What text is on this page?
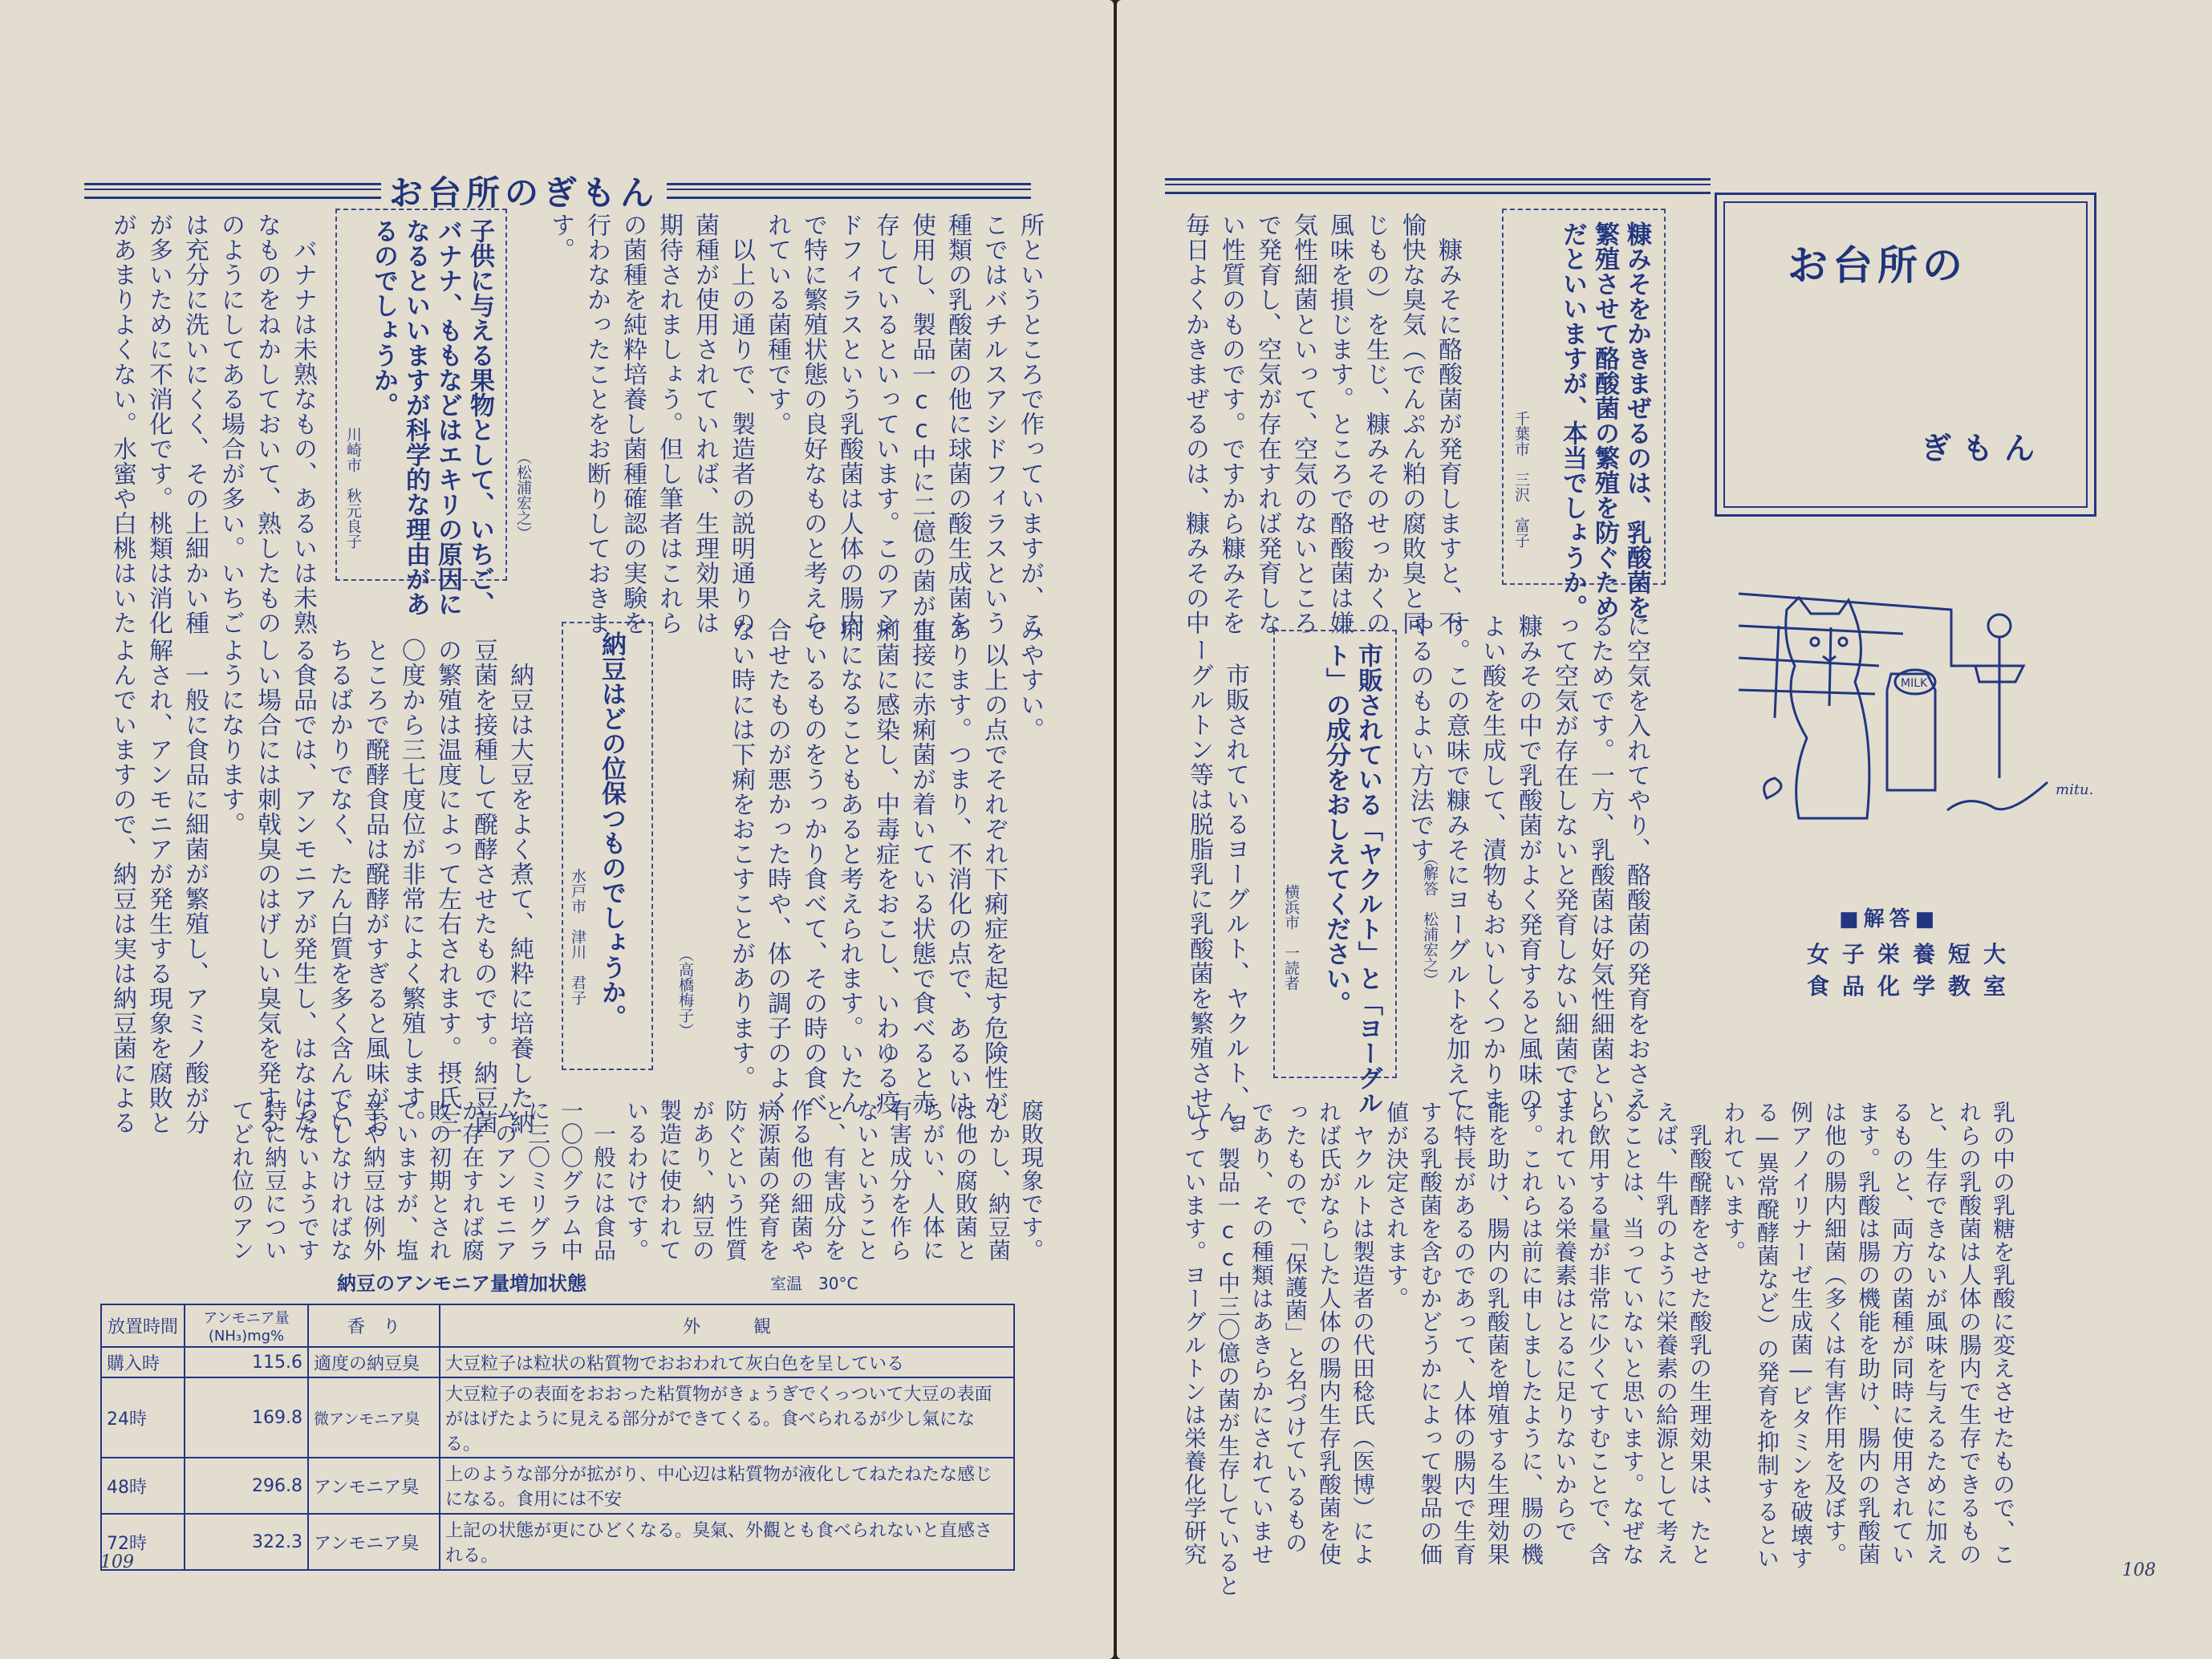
お台所のぎもん
所というところで作っていますが、こ
こではバチルスアシドフィラスという
種類の乳酸菌の他に球菌の酸生成菌を
使用し、製品一cc中に二億の菌が生
存しているといっています。このアシ
ドフィラスという乳酸菌は人体の腸内
で特に繁殖状態の良好なものと考えら
れている菌種です。
　以上の通りで、製造者の説明通りの
菌種が使用されていれば、生理効果は
期待されましょう。但し筆者はこれら
の菌種を純粋培養し菌種確認の実験を
行わなかったことをお断りしておきま
す。
（松浦宏之）
子供に与える果物として、いちご、
バナナ、ももなどはエキリの原因に
なるといいますが科学的な理由があ
るのでしょうか。
川崎市　秋元良子
　バナナは未熟なもの、あるいは未熟
なものをねかしておいて、熟したもの
のようにしてある場合が多い。いちご
は充分に洗いにくく、その上細かい種
が多いために不消化です。桃類は消化
があまりよくない。水蜜や白桃はいた
みやすい。
　以上の点でそれぞれ下痢症を起す危険性が
あります。つまり、不消化の点で、あるいは
直接に赤痢菌が着いている状態で食べると赤
痢菌に感染し、中毒症をおこし、いわゆる疫
痢になることもあると考えられます。いたん
でいるものをうっかり食べて、その時の食べ
合せたものが悪かった時や、体の調子のよく
ない時には下痢をおこすことがあります。
（高橋梅子）
納豆はどの位保つものでしょうか。
水戸市　津川　君子
　納豆は大豆をよく煮て、純粋に培養した納
豆菌を接種して醗酵させたものです。納豆菌
の繁殖は温度によって左右されます。摂氏三
〇度から三七度位が非常によく繁殖します。
ところで醗酵食品は醗酵がすぎると風味がお
ちるばかりでなく、たん白質を多く含んでい
る食品では、アンモニアが発生し、はなはだ
しい場合には刺戟臭のはげしい臭気を発する
ようになります。
　一般に食品に細菌が繁殖し、アミノ酸が分
解され、アンモニアが発生する現象を腐敗と
よんでいますので、納豆は実は納豆菌による
腐敗現象です。
しかし、納豆菌
は他の腐敗菌と
ちがい、人体に
有害成分を作ら
ないということ
と、有害成分を
作る他の細菌や
病源菌の発育を
防ぐという性質
があり、納豆の
製造に使われて
いるわけです。
　一般には食品
一〇〇グラム中
に三〇ミリグラ
ムのアンモニア
が存在すれば腐
敗の初期とされ
ていますが、塩
辛や納豆は例外
としなければな
らないようです
特に納豆につい
てどれ位のアン
納豆のアンモニア量増加状態	室温　30°C
放置時間	アンモニア量(NH₃)mg%	香　り	外　　　観
購入時	115.6	適度の納豆臭	大豆粒子は粒状の粘質物でおおわれて灰白色を呈している
24時	169.8	微アンモニア臭	大豆粒子の表面をおおった粘質物がきょうぎでくっついて大豆の表面がはげたように見える部分ができてくる。食べられるが少し氣になる。
48時	296.8	アンモニア臭	上のような部分が拡がり、中心辺は粘質物が液化してねたねたな感じになる。食用には不安
72時	322.3	アンモニア臭	上記の状態が更にひどくなる。臭氣、外觀とも食べられないと直感される。
109
お台所の
ぎもん
MILK
mitu.
■解答■
女子栄養短大
食品化学教室
糠みそをかきまぜるのは、乳酸菌を
繁殖させて酪酸菌の繁殖を防ぐため
だといいますが、本当でしょうか。
千葉市　三沢　富子
　糠みそに酪酸菌が発育しますと、不
愉快な臭気（でんぷん粕の腐敗臭と同
じもの）を生じ、糠みそのせっかくの
風味を損じます。ところで酪酸菌は嫌
気性細菌といって、空気のないところ
で発育し、空気が存在すれば発育しな
い性質のものです。ですから糠みそを
毎日よくかきまぜるのは、糠みその中
に空気を入れてやり、酪酸菌の発育をおさえ
るためです。一方、乳酸菌は好気性細菌とい
って空気が存在しないと発育しない細菌です
糠みその中で乳酸菌がよく発育すると風味の
よい酸を生成して、漬物もおいしくつかりま
す。この意味で糠みそにヨーグルトを加えて
やるのもよい方法です。
（解答　松浦宏之）
市販されている「ヤクルト」と「ヨーグル
ト」の成分をおしえてください。
横浜市　一読者
　市販されているヨーグルト、ヤクルト、ヨ
ーグルトン等は脱脂乳に乳酸菌を繁殖させて
乳の中の乳糖を乳酸に変えさせたもので、こ
れらの乳酸菌は人体の腸内で生存できるもの
と、生存できないが風味を与えるために加え
るものと、両方の菌種が同時に使用されてい
ます。乳酸は腸の機能を助け、腸内の乳酸菌
は他の腸内細菌（多くは有害作用を及ぼす。
例アノイリナーゼ生成菌―ビタミンを破壊す
る―異常醗酵菌など）の発育を抑制するとい
われています。
　乳酸醗酵をさせた酸乳の生理効果は、たと
えば、牛乳のように栄養素の給源として考え
ることは、当っていないと思います。なぜな
ら飲用する量が非常に少くてすむことで、含
まれている栄養素はとるに足りないからで
す。これらは前に申しましたように、腸の機
能を助け、腸内の乳酸菌を増殖する生理効果
に特長があるのであって、人体の腸内で生育
する乳酸菌を含むかどうかによって製品の価
値が決定されます。
　ヤクルトは製造者の代田稔氏（医博）によ
れば氏がならした人体の腸内生存乳酸菌を使
ったもので、「保護菌」と名づけているもの
であり、その種類はあきらかにされていませ
ん。製品一cc中三〇億の菌が生存していると
いっています。ヨーグルトンは栄養化学研究
108
